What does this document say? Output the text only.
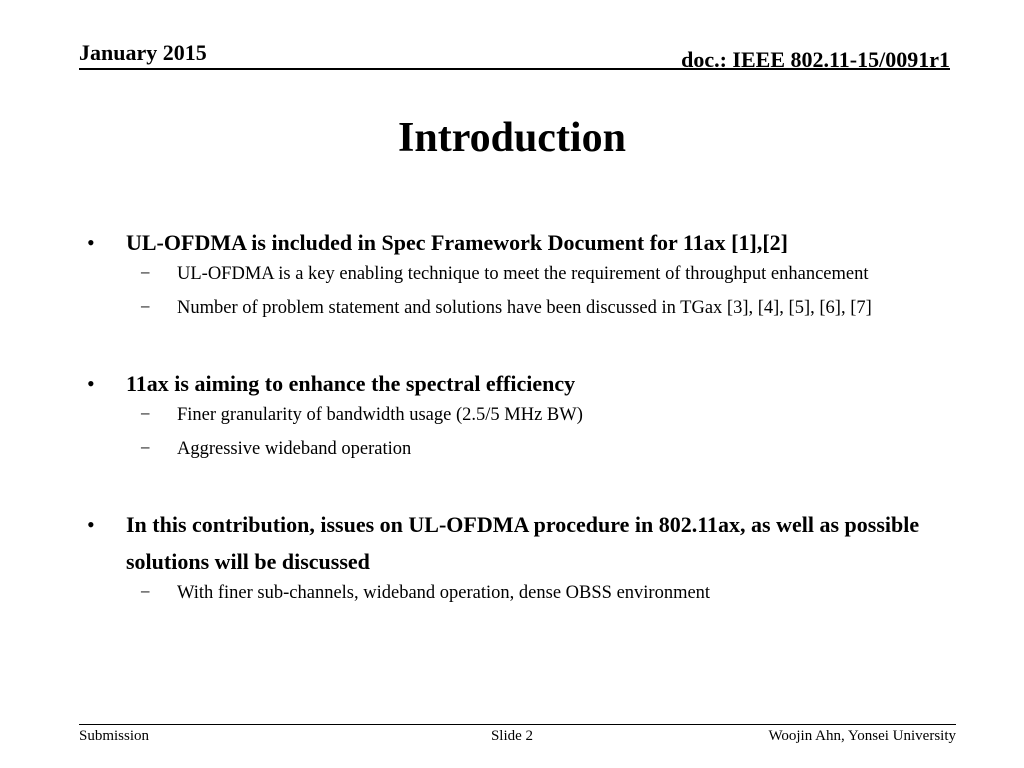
January 2015	doc.: IEEE 802.11-15/0091r1
Introduction
• UL-OFDMA is included in Spec Framework Document for 11ax [1],[2]
− UL-OFDMA is a key enabling technique to meet the requirement of throughput enhancement
− Number of problem statement and solutions have been discussed in TGax [3], [4], [5], [6], [7]
• 11ax is aiming to enhance the spectral efficiency
− Finer granularity of bandwidth usage (2.5/5 MHz BW)
− Aggressive wideband operation
• In this contribution, issues on UL-OFDMA procedure in 802.11ax, as well as possible solutions will be discussed
− With finer sub-channels, wideband operation, dense OBSS environment
Submission	Slide 2	Woojin Ahn, Yonsei University
